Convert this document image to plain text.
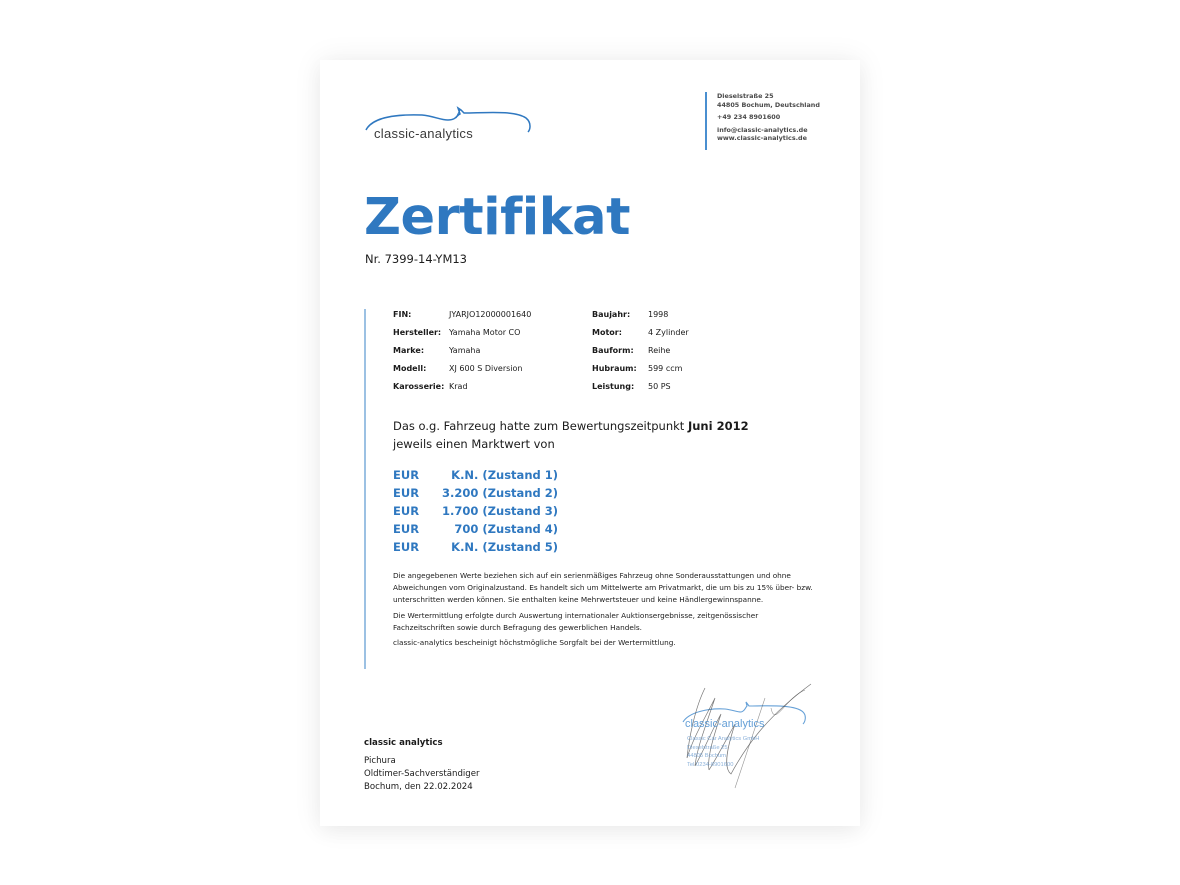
classic-analytics
Dieselstraße 25
44805 Bochum, Deutschland
+49 234 8901600
info@classic-analytics.de
www.classic-analytics.de
Zertifikat
Nr. 7399-14-YM13
FIN:	JYARJO12000001640	Baujahr:	1998
Hersteller: Yamaha Motor CO	Motor:	4 Zylinder
Marke:	Yamaha	Bauform:	Reihe
Modell:	XJ 600 S Diversion	Hubraum:	599 ccm
Karosserie: Krad	Leistung:	50 PS
Das o.g. Fahrzeug hatte zum Bewertungszeitpunkt Juni 2012
jeweils einen Marktwert von
EUR	K.N. (Zustand 1)
EUR	3.200 (Zustand 2)
EUR	1.700 (Zustand 3)
EUR	700 (Zustand 4)
EUR	K.N. (Zustand 5)

Die angegebenen Werte beziehen sich auf ein serienmäßiges Fahrzeug ohne Sonderausstattungen und ohne Abweichungen vom Originalzustand. Es handelt sich um Mittelwerte am Privatmarkt, die um bis zu 15% über- bzw. unterschritten werden können. Sie enthalten keine Mehrwertsteuer und keine Händlergewinnspanne.

Die Wertermittlung erfolgte durch Auswertung internationaler Auktionsergebnisse, zeitgenössischer Fachzeitschriften sowie durch Befragung des gewerblichen Handels.

classic-analytics bescheinigt höchstmögliche Sorgfalt bei der Wertermittlung.

classic-analytics
Classic Car Analytics GmbH
Dieselstraße 25
44805 Bochum
Tel 0234-8901600
classic analytics
Pichura
Oldtimer-Sachverständiger
Bochum, den 22.02.2024
